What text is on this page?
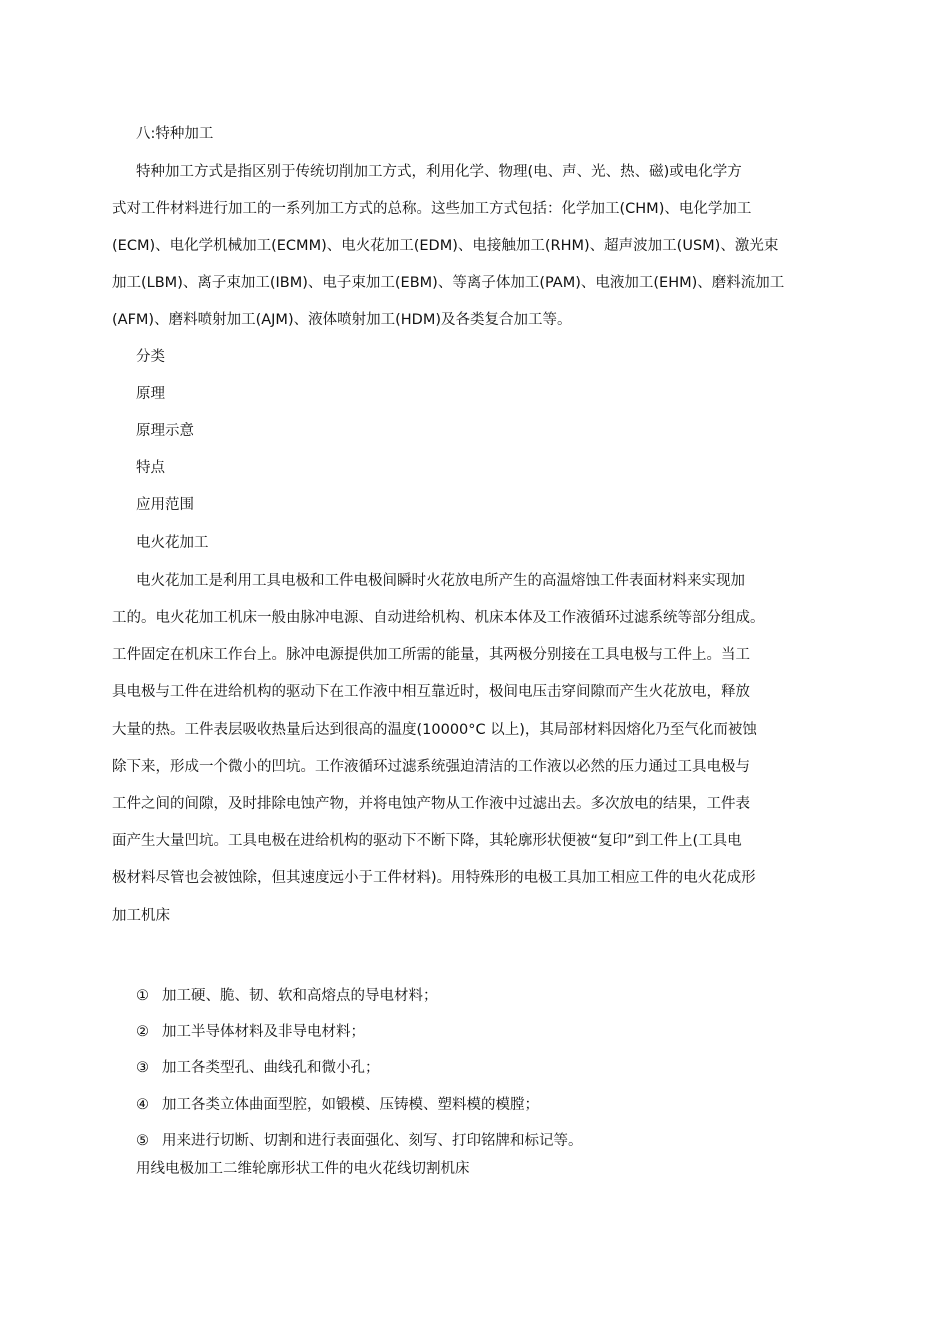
八:特种加工
特种加工方式是指区别于传统切削加工方式，利用化学、物理(电、声、光、热、磁)或电化学方
式对工件材料进行加工的一系列加工方式的总称。这些加工方式包括：化学加工(CHM)、电化学加工
(ECM)、电化学机械加工(ECMM)、电火花加工(EDM)、电接触加工(RHM)、超声波加工(USM)、激光束
加工(LBM)、离子束加工(IBM)、电子束加工(EBM)、等离子体加工(PAM)、电液加工(EHM)、磨料流加工
(AFM)、磨料喷射加工(AJM)、液体喷射加工(HDM)及各类复合加工等。
分类
原理
原理示意
特点
应用范围
电火花加工
电火花加工是利用工具电极和工件电极间瞬时火花放电所产生的高温熔蚀工件表面材料来实现加
工的。电火花加工机床一般由脉冲电源、自动进给机构、机床本体及工作液循环过滤系统等部分组成。
工件固定在机床工作台上。脉冲电源提供加工所需的能量，其两极分别接在工具电极与工件上。当工
具电极与工件在进给机构的驱动下在工作液中相互靠近时，极间电压击穿间隙而产生火花放电，释放
大量的热。工件表层吸收热量后达到很高的温度(10000°C 以上)，其局部材料因熔化乃至气化而被蚀
除下来，形成一个微小的凹坑。工作液循环过滤系统强迫清洁的工作液以必然的压力通过工具电极与
工件之间的间隙，及时排除电蚀产物，并将电蚀产物从工作液中过滤出去。多次放电的结果，工件表
面产生大量凹坑。工具电极在进给机构的驱动下不断下降，其轮廓形状便被“复印”到工件上(工具电
极材料尽管也会被蚀除，但其速度远小于工件材料)。用特殊形的电极工具加工相应工件的电火花成形
加工机床
① 加工硬、脆、韧、软和高熔点的导电材料；
② 加工半导体材料及非导电材料；
③ 加工各类型孔、曲线孔和微小孔；
④ 加工各类立体曲面型腔，如锻模、压铸模、塑料模的模膛；
⑤ 用来进行切断、切割和进行表面强化、刻写、打印铭牌和标记等。
用线电极加工二维轮廓形状工件的电火花线切割机床
